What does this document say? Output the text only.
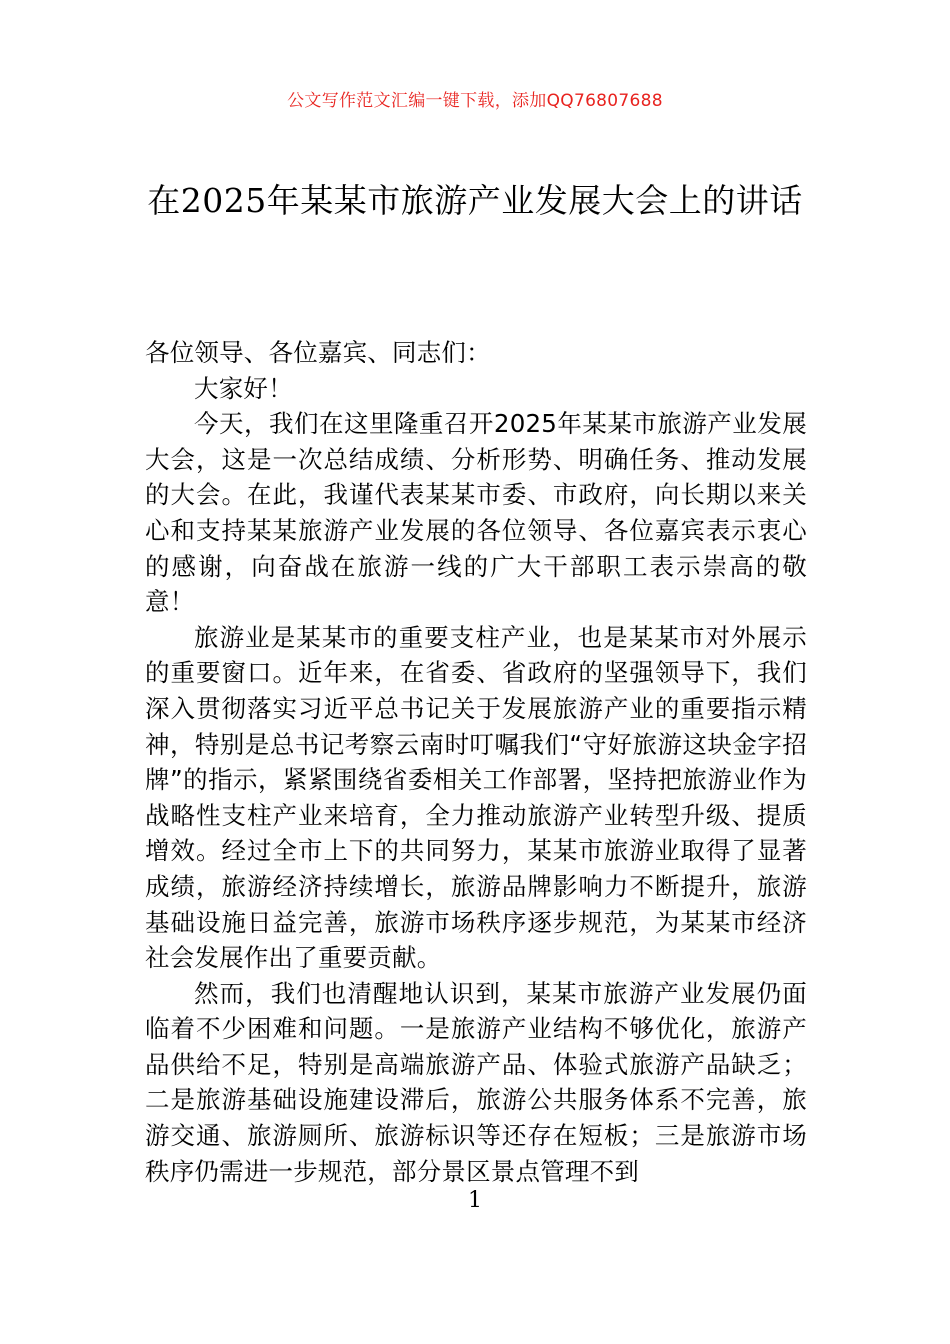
公文写作范文汇编一键下载，添加QQ76807688
在2025年某某市旅游产业发展大会上的讲话

各位领导、各位嘉宾、同志们：

大家好！

今天，我们在这里隆重召开2025年某某市旅游产业发展大会，这是一次总结成绩、分析形势、明确任务、推动发展的大会。在此，我谨代表某某市委、市政府，向长期以来关心和支持某某旅游产业发展的各位领导、各位嘉宾表示衷心的感谢，向奋战在旅游一线的广大干部职工表示崇高的敬意！

旅游业是某某市的重要支柱产业，也是某某市对外展示的重要窗口。近年来，在省委、省政府的坚强领导下，我们深入贯彻落实习近平总书记关于发展旅游产业的重要指示精神，特别是总书记考察云南时叮嘱我们“守好旅游这块金字招牌”的指示，紧紧围绕省委相关工作部署，坚持把旅游业作为战略性支柱产业来培育，全力推动旅游产业转型升级、提质增效。经过全市上下的共同努力，某某市旅游业取得了显著成绩，旅游经济持续增长，旅游品牌影响力不断提升，旅游基础设施日益完善，旅游市场秩序逐步规范，为某某市经济社会发展作出了重要贡献。

然而，我们也清醒地认识到，某某市旅游产业发展仍面临着不少困难和问题。一是旅游产业结构不够优化，旅游产品供给不足，特别是高端旅游产品、体验式旅游产品缺乏；二是旅游基础设施建设滞后，旅游公共服务体系不完善，旅游交通、旅游厕所、旅游标识等还存在短板；三是旅游市场秩序仍需进一步规范，部分景区景点管理不到

1
